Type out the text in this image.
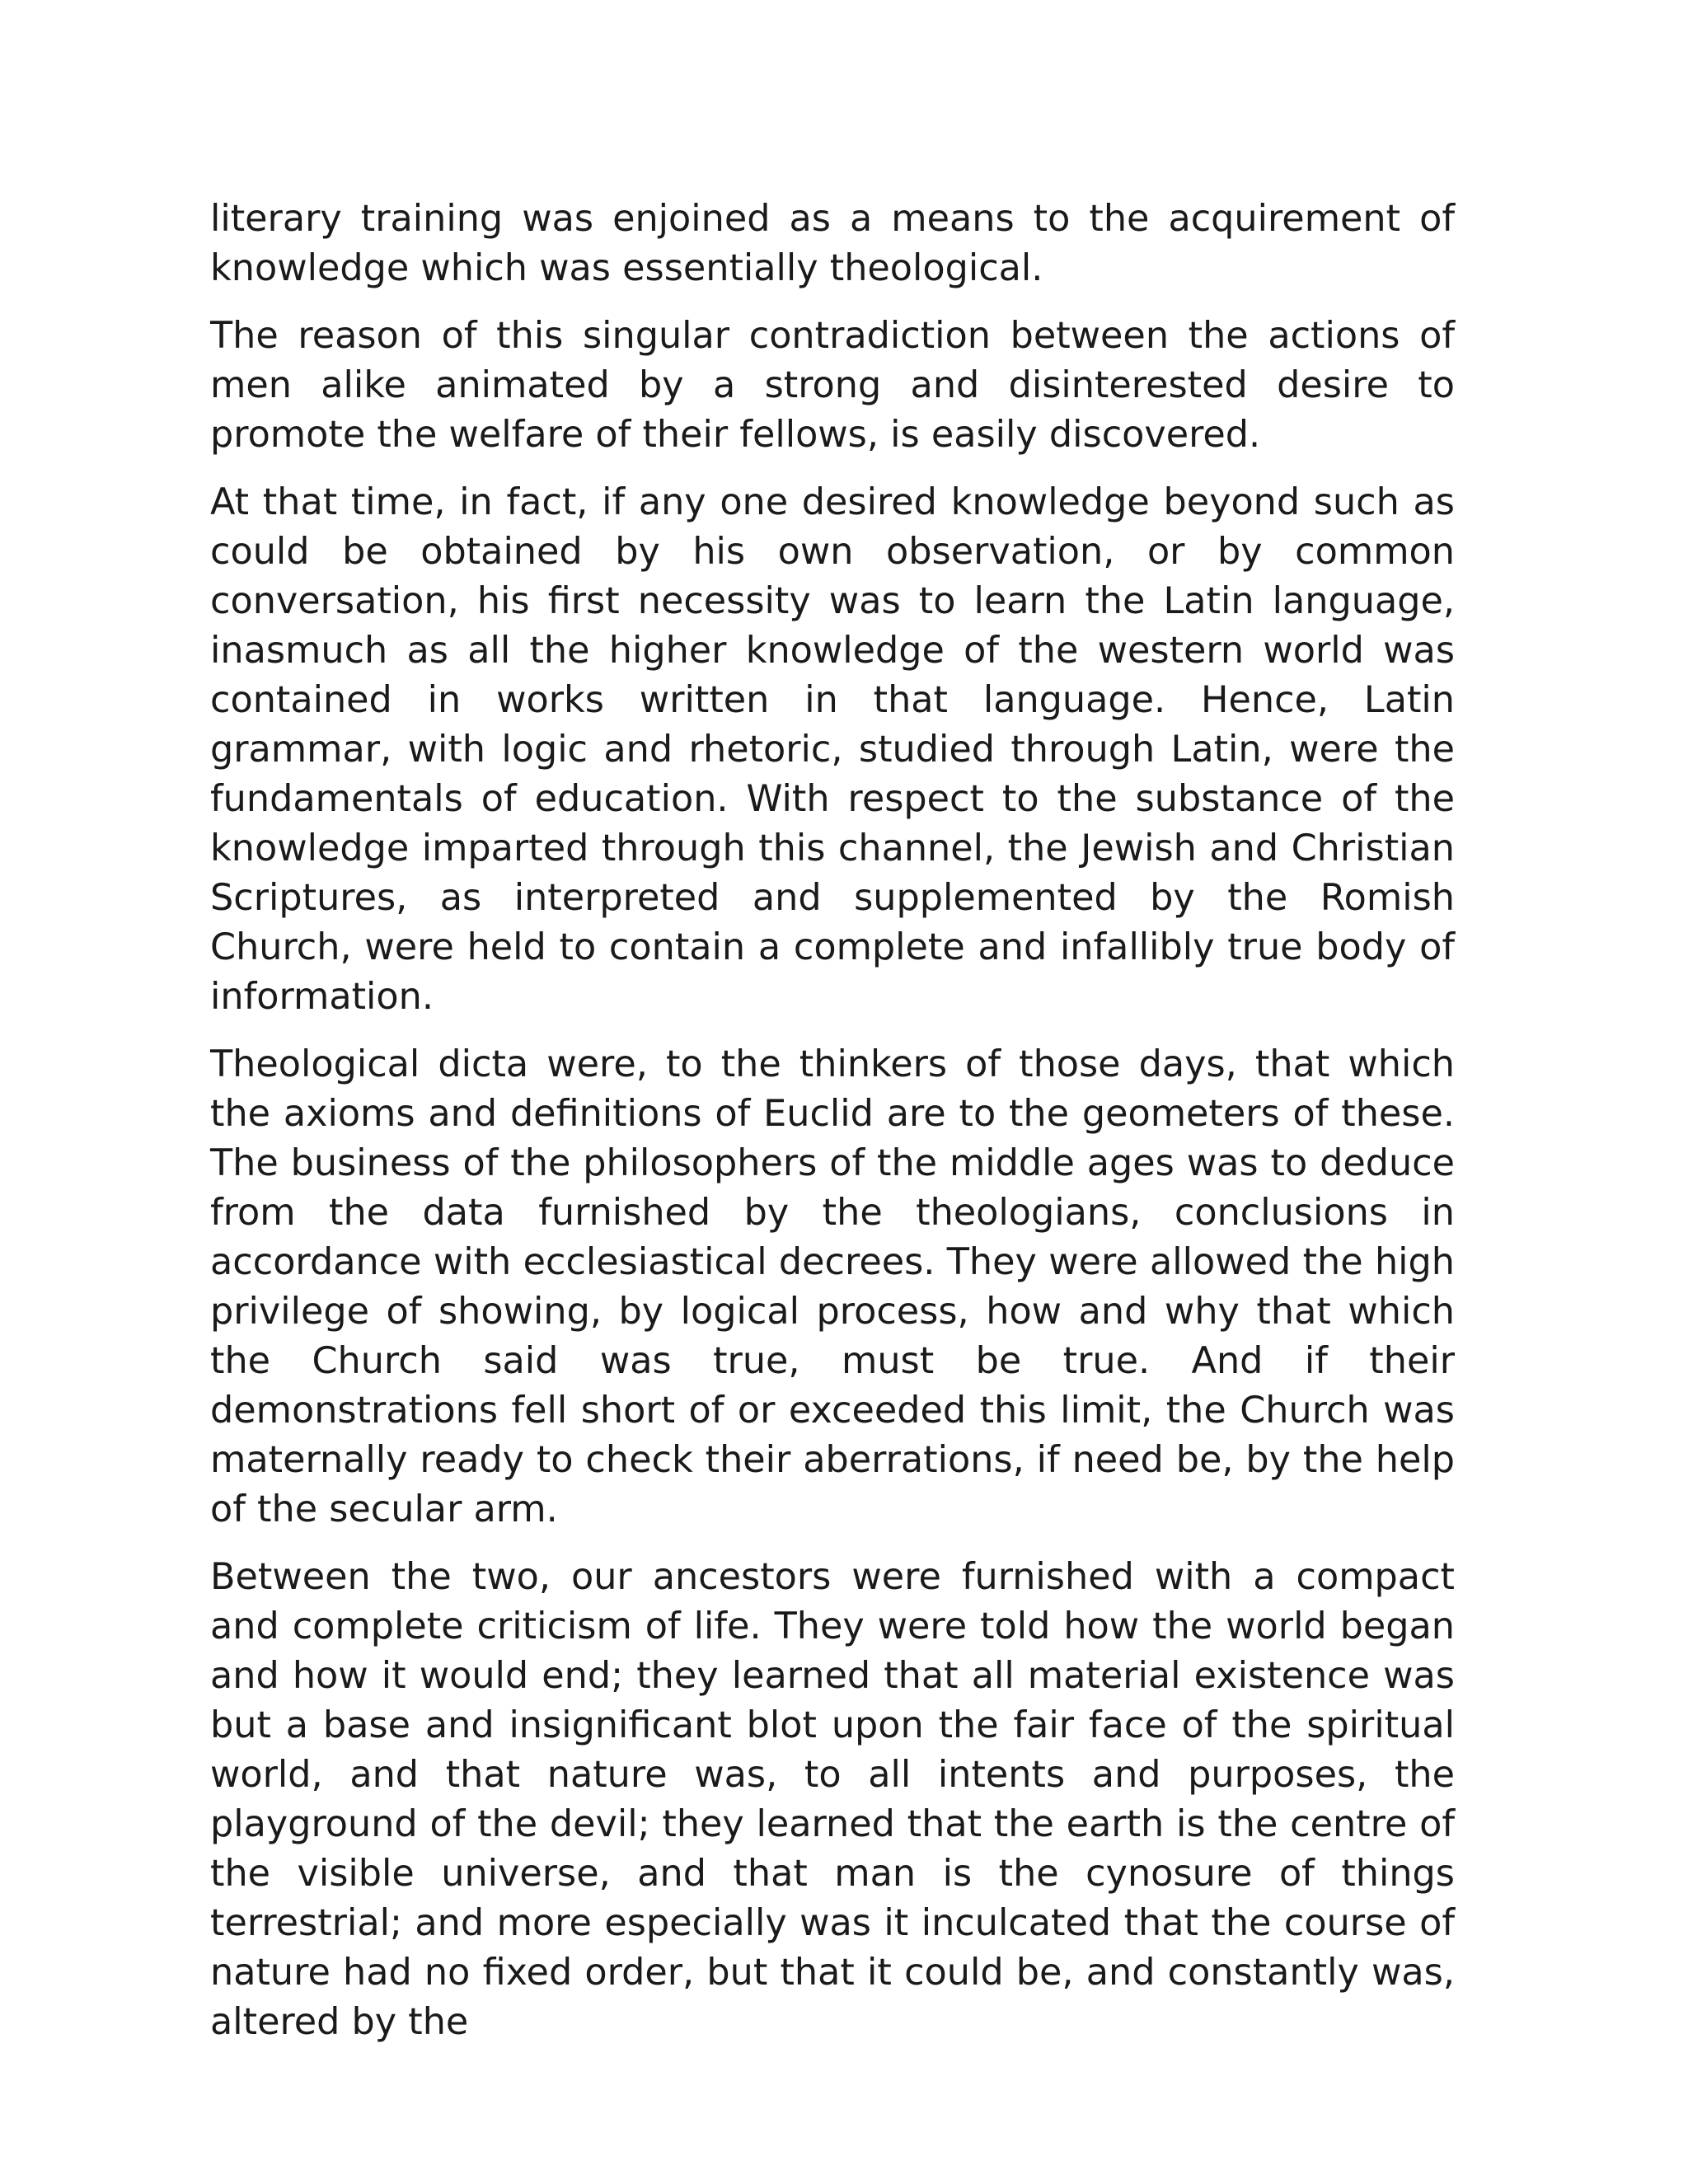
literary training was enjoined as a means to the acquirement of knowledge which was essentially theological.

The reason of this singular contradiction between the actions of men alike animated by a strong and disinterested desire to promote the welfare of their fellows, is easily discovered.

At that time, in fact, if any one desired knowledge beyond such as could be obtained by his own observation, or by common conversation, his first necessity was to learn the Latin language, inasmuch as all the higher knowledge of the western world was contained in works written in that language. Hence, Latin grammar, with logic and rhetoric, studied through Latin, were the fundamentals of education. With respect to the substance of the knowledge imparted through this channel, the Jewish and Christian Scriptures, as interpreted and supplemented by the Romish Church, were held to contain a complete and infallibly true body of information.

Theological dicta were, to the thinkers of those days, that which the axioms and definitions of Euclid are to the geometers of these. The business of the philosophers of the middle ages was to deduce from the data furnished by the theologians, conclusions in accordance with ecclesiastical decrees. They were allowed the high privilege of showing, by logical process, how and why that which the Church said was true, must be true. And if their demonstrations fell short of or exceeded this limit, the Church was maternally ready to check their aberrations, if need be, by the help of the secular arm.

Between the two, our ancestors were furnished with a compact and complete criticism of life. They were told how the world began and how it would end; they learned that all material existence was but a base and insignificant blot upon the fair face of the spiritual world, and that nature was, to all intents and purposes, the playground of the devil; they learned that the earth is the centre of the visible universe, and that man is the cynosure of things terrestrial; and more especially was it inculcated that the course of nature had no fixed order, but that it could be, and constantly was, altered by the
